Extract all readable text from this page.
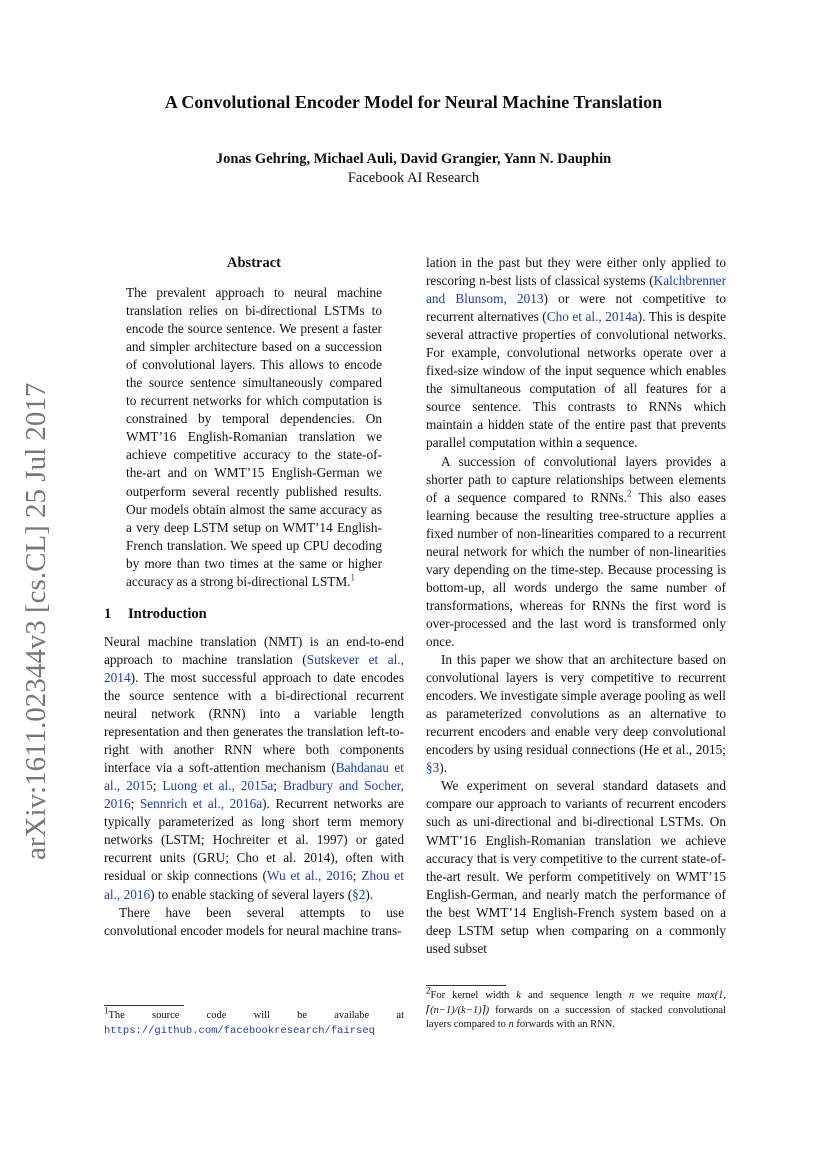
arXiv:1611.02344v3 [cs.CL] 25 Jul 2017
A Convolutional Encoder Model for Neural Machine Translation
Jonas Gehring, Michael Auli, David Grangier, Yann N. Dauphin
Facebook AI Research
Abstract
The prevalent approach to neural machine translation relies on bi-directional LSTMs to encode the source sentence. We present a faster and simpler architecture based on a succession of convolutional layers. This allows to encode the source sentence simultaneously compared to recurrent networks for which computation is constrained by temporal dependencies. On WMT’16 English-Romanian translation we achieve competitive accuracy to the state-of-the-art and on WMT’15 English-German we outperform several recently published results. Our models obtain almost the same accuracy as a very deep LSTM setup on WMT’14 English-French translation. We speed up CPU decoding by more than two times at the same or higher accuracy as a strong bi-directional LSTM.$^1$
1 Introduction

Neural machine translation (NMT) is an end-to-end approach to machine translation (Sutskever et al., 2014). The most successful approach to date encodes the source sentence with a bi-directional recurrent neural network (RNN) into a variable length representation and then generates the translation left-to-right with another RNN where both components interface via a soft-attention mechanism (Bahdanau et al., 2015; Luong et al., 2015a; Bradbury and Socher, 2016; Sennrich et al., 2016a). Recurrent networks are typically parameterized as long short term memory networks (LSTM; Hochreiter et al. 1997) or gated recurrent units (GRU; Cho et al. 2014), often with residual or skip connections (Wu et al., 2016; Zhou et al., 2016) to enable stacking of several layers (§2).

There have been several attempts to use convolutional encoder models for neural machine trans-

lation in the past but they were either only applied to rescoring n-best lists of classical systems (Kalchbrenner and Blunsom, 2013) or were not competitive to recurrent alternatives (Cho et al., 2014a). This is despite several attractive properties of convolutional networks. For example, convolutional networks operate over a fixed-size window of the input sequence which enables the simultaneous computation of all features for a source sentence. This contrasts to RNNs which maintain a hidden state of the entire past that prevents parallel computation within a sequence.

A succession of convolutional layers provides a shorter path to capture relationships between elements of a sequence compared to RNNs.$^2$ This also eases learning because the resulting tree-structure applies a fixed number of non-linearities compared to a recurrent neural network for which the number of non-linearities vary depending on the time-step. Because processing is bottom-up, all words undergo the same number of transformations, whereas for RNNs the first word is over-processed and the last word is transformed only once.

In this paper we show that an architecture based on convolutional layers is very competitive to recurrent encoders. We investigate simple average pooling as well as parameterized convolutions as an alternative to recurrent encoders and enable very deep convolutional encoders by using residual connections (He et al., 2015; §3).

We experiment on several standard datasets and compare our approach to variants of recurrent encoders such as uni-directional and bi-directional LSTMs. On WMT’16 English-Romanian translation we achieve accuracy that is very competitive to the current state-of-the-art result. We perform competitively on WMT’15 English-German, and nearly match the performance of the best WMT’14 English-French system based on a deep LSTM setup when comparing on a commonly used subset

$^1$The source code will be availabe at https://github.com/facebookresearch/fairseq
$^2$For kernel width k and sequence length n we require max(1, ⌈(n−1)/(k−1)⌉) forwards on a succession of stacked convolutional layers compared to n forwards with an RNN.
